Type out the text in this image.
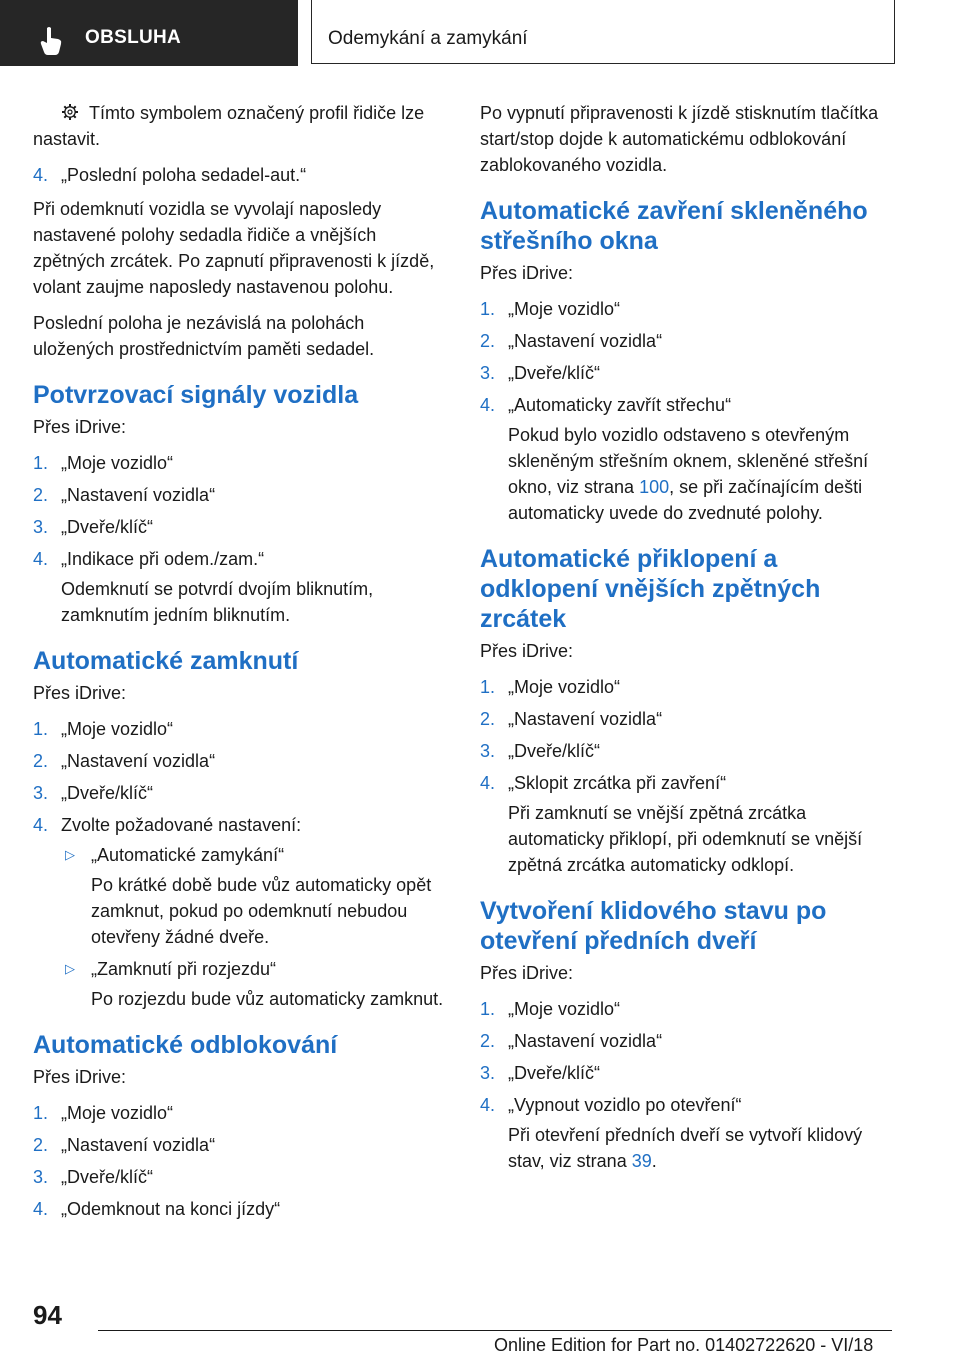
OBSLUHA	Odemykání a zamykání

Tímto symbolem označený profil řidiče lze nastavit.

4. „Poslední poloha sedadel-aut.“

Při odemknutí vozidla se vyvolají naposledy nastavené polohy sedadla řidiče a vnějších zpětných zrcátek. Po zapnutí připravenosti k jízdě, volant zaujme naposledy nastavenou polohu.

Poslední poloha je nezávislá na polohách uložených prostřednictvím paměti sedadel.

Potvrzovací signály vozidla

Přes iDrive:

1. „Moje vozidlo“
2. „Nastavení vozidla“
3. „Dveře/klíč“
4. „Indikace při odem./zam.“
Odemknutí se potvrdí dvojím bliknutím, zamknutím jedním bliknutím.
Automatické zamknutí

Přes iDrive:

1. „Moje vozidlo“
2. „Nastavení vozidla“
3. „Dveře/klíč“
4. Zvolte požadované nastavení:
▷ „Automatické zamykání“
Po krátké době bude vůz automaticky opět zamknut, pokud po odemknutí nebudou otevřeny žádné dveře.
▷ „Zamknutí při rozjezdu“
Po rozjezdu bude vůz automaticky zamknut.
Automatické odblokování

Přes iDrive:

1. „Moje vozidlo“
2. „Nastavení vozidla“
3. „Dveře/klíč“
4. „Odemknout na konci jízdy“

Po vypnutí připravenosti k jízdě stisknutím tlačítka start/stop dojde k automatickému odblokování zablokovaného vozidla.

Automatické zavření skleněného střešního okna

Přes iDrive:

1. „Moje vozidlo“
2. „Nastavení vozidla“
3. „Dveře/klíč“
4. „Automaticky zavřít střechu“
Pokud bylo vozidlo odstaveno s otevřeným skleněným střešním oknem, skleněné střešní okno, viz strana 100, se při začínajícím dešti automaticky uvede do zvednuté polohy.
Automatické přiklopení a odklopení vnějších zpětných zrcátek

Přes iDrive:

1. „Moje vozidlo“
2. „Nastavení vozidla“
3. „Dveře/klíč“
4. „Sklopit zrcátka při zavření“
Při zamknutí se vnější zpětná zrcátka automaticky přiklopí, při odemknutí se vnější zpětná zrcátka automaticky odklopí.
Vytvoření klidového stavu po otevření předních dveří

Přes iDrive:

1. „Moje vozidlo“
2. „Nastavení vozidla“
3. „Dveře/klíč“
4. „Vypnout vozidlo po otevření“
Při otevření předních dveří se vytvoří klidový stav, viz strana 39.
94
Online Edition for Part no. 01402722620 - VI/18
